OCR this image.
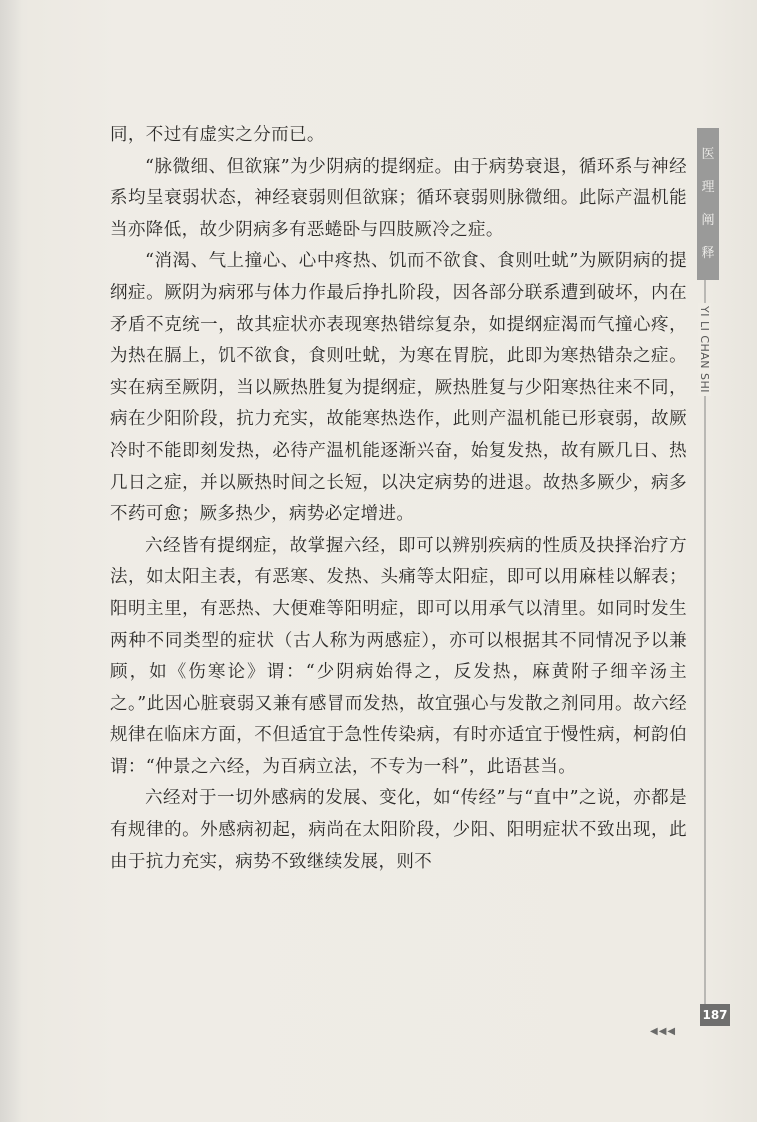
同，不过有虚实之分而已。

“脉微细、但欲寐”为少阴病的提纲症。由于病势衰退，循环系与神经系均呈衰弱状态，神经衰弱则但欲寐；循环衰弱则脉微细。此际产温机能当亦降低，故少阴病多有恶蜷卧与四肢厥冷之症。

“消渴、气上撞心、心中疼热、饥而不欲食、食则吐蚘”为厥阴病的提纲症。厥阴为病邪与体力作最后挣扎阶段，因各部分联系遭到破坏，内在矛盾不克统一，故其症状亦表现寒热错综复杂，如提纲症渴而气撞心疼，为热在膈上，饥不欲食，食则吐蚘，为寒在胃脘，此即为寒热错杂之症。实在病至厥阴，当以厥热胜复为提纲症，厥热胜复与少阳寒热往来不同，病在少阳阶段，抗力充实，故能寒热迭作，此则产温机能已形衰弱，故厥冷时不能即刻发热，必待产温机能逐渐兴奋，始复发热，故有厥几日、热几日之症，并以厥热时间之长短，以决定病势的进退。故热多厥少，病多不药可愈；厥多热少，病势必定增进。

六经皆有提纲症，故掌握六经，即可以辨别疾病的性质及抉择治疗方法，如太阳主表，有恶寒、发热、头痛等太阳症，即可以用麻桂以解表；阳明主里，有恶热、大便难等阳明症，即可以用承气以清里。如同时发生两种不同类型的症状（古人称为两感症），亦可以根据其不同情况予以兼顾，如《伤寒论》谓：“少阴病始得之，反发热，麻黄附子细辛汤主之。”此因心脏衰弱又兼有感冒而发热，故宜强心与发散之剂同用。故六经规律在临床方面，不但适宜于急性传染病，有时亦适宜于慢性病，柯韵伯谓：“仲景之六经，为百病立法，不专为一科”，此语甚当。

六经对于一切外感病的发展、变化，如“传经”与“直中”之说，亦都是有规律的。外感病初起，病尚在太阳阶段，少阳、阳明症状不致出现，此由于抗力充实，病势不致继续发展，则不

医
理
阐
释
YI LI CHAN SHI
187
◀◀◀
